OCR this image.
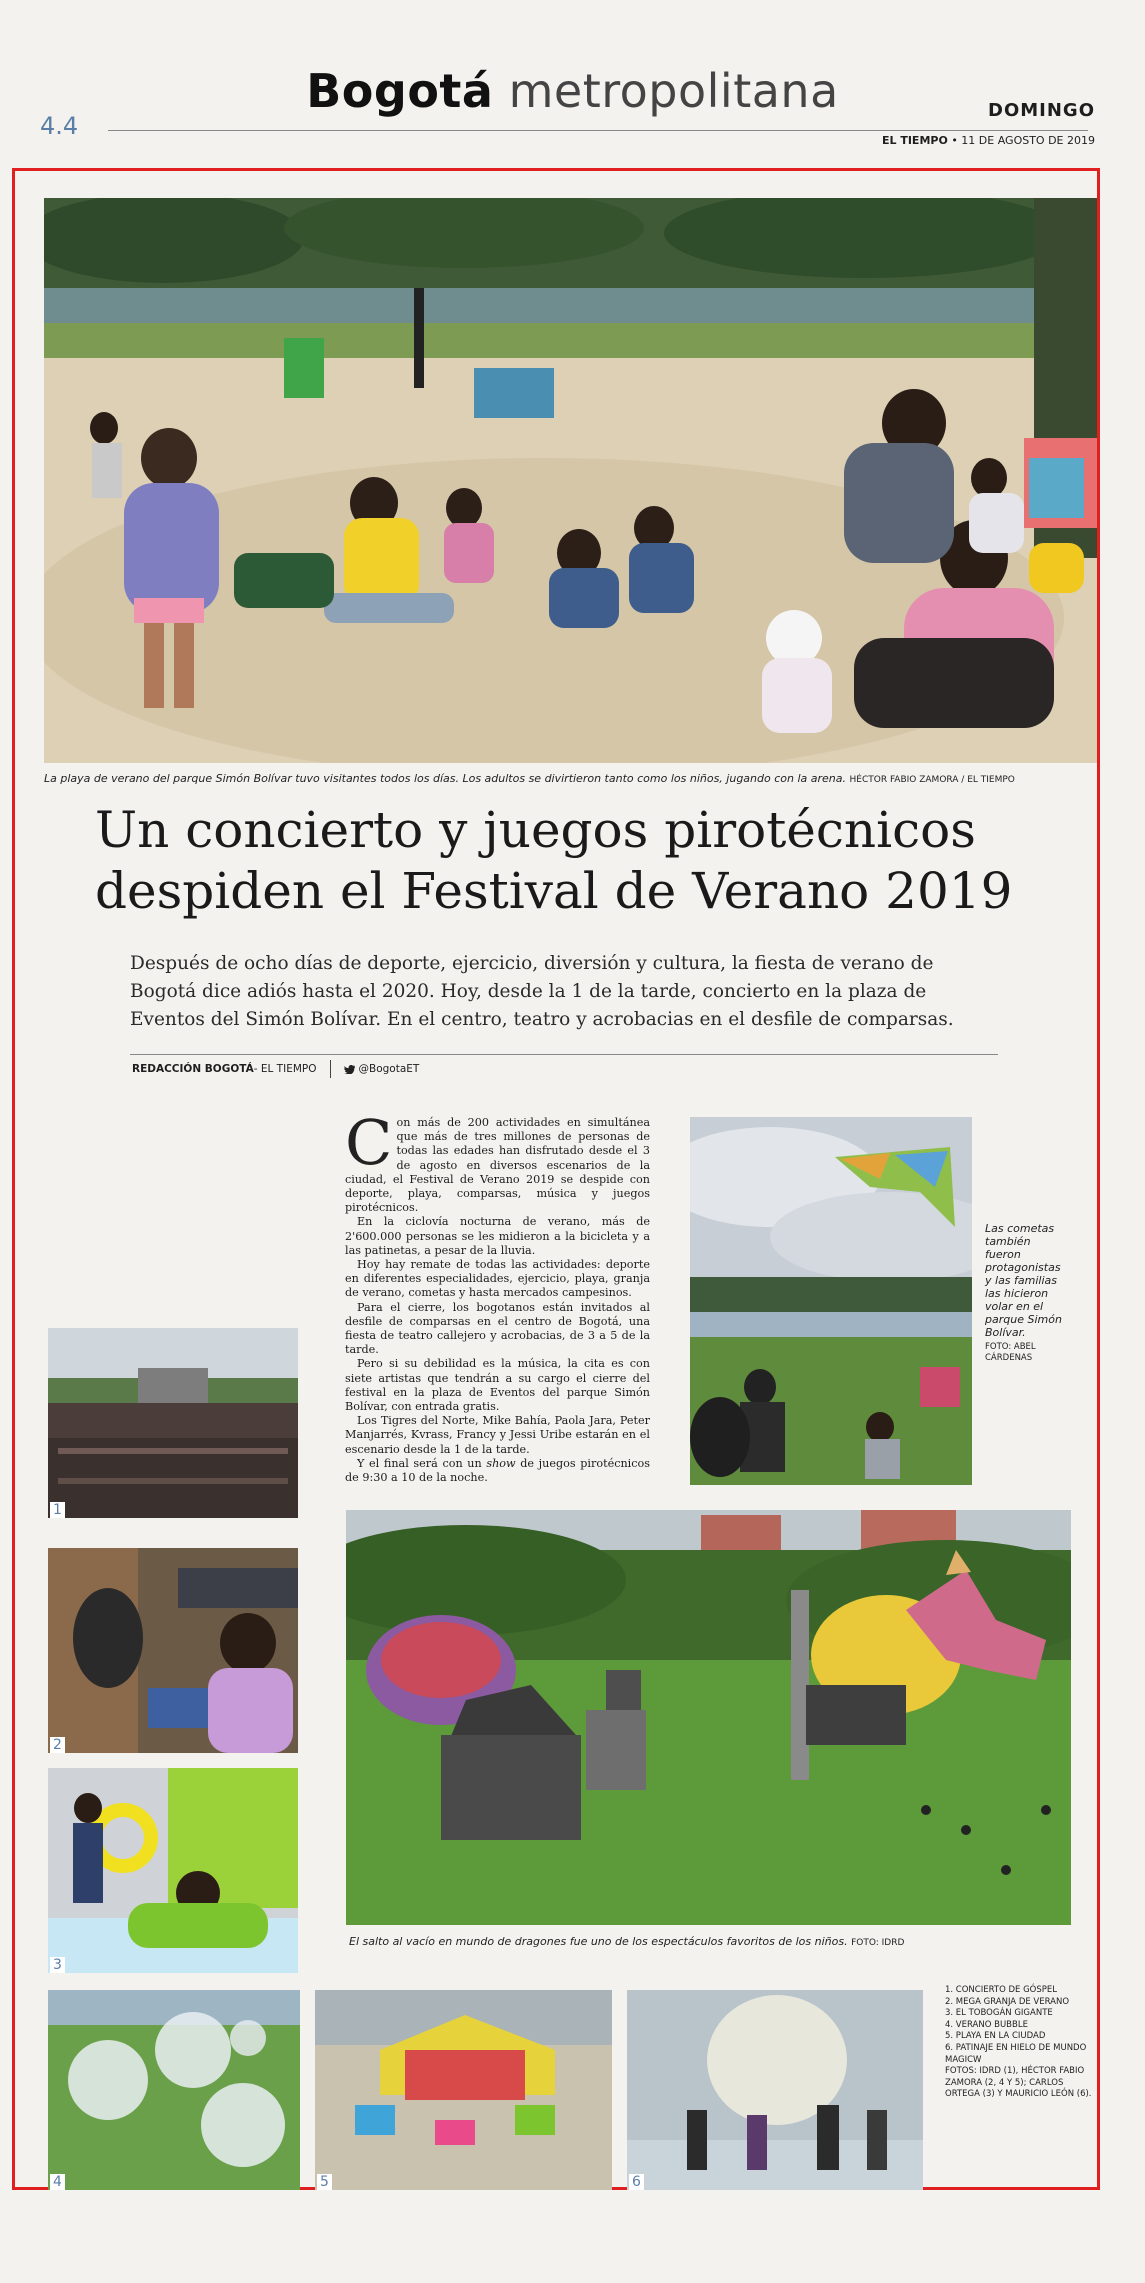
Bogotá metropolitana
4.4
DOMINGO
EL TIEMPO • 11 DE AGOSTO DE 2019
La playa de verano del parque Simón Bolívar tuvo visitantes todos los días. Los adultos se divirtieron tanto como los niños, jugando con la arena. HÉCTOR FABIO ZAMORA / EL TIEMPO
Un concierto y juegos pirotécnicos despiden el Festival de Verano 2019
Después de ocho días de deporte, ejercicio, diversión y cultura, la fiesta de verano de Bogotá dice adiós hasta el 2020. Hoy, desde la 1 de la tarde, concierto en la plaza de Eventos del Simón Bolívar. En el centro, teatro y acrobacias en el desfile de comparsas.
REDACCIÓN BOGOTÁ- EL TIEMPO	@BogotaET

Con más de 200 actividades en simultánea que más de tres millones de personas de todas las edades han disfrutado desde el 3 de agosto en diversos escenarios de la ciudad, el Festival de Verano 2019 se despide con deporte, playa, comparsas, música y juegos pirotécnicos.

En la ciclovía nocturna de verano, más de 2'600.000 personas se les midieron a la bicicleta y a las patinetas, a pesar de la lluvia.

Hoy hay remate de todas las actividades: deporte en diferentes especialidades, ejercicio, playa, granja de verano, cometas y hasta mercados campesinos.

Para el cierre, los bogotanos están invitados al desfile de comparsas en el centro de Bogotá, una fiesta de teatro callejero y acrobacias, de 3 a 5 de la tarde.

Pero si su debilidad es la música, la cita es con siete artistas que tendrán a su cargo el cierre del festival en la plaza de Eventos del parque Simón Bolívar, con entrada gratis.

Los Tigres del Norte, Mike Bahía, Paola Jara, Peter Manjarrés, Kvrass, Francy y Jessi Uribe estarán en el escenario desde la 1 de la tarde.

Y el final será con un show de juegos pirotécnicos de 9:30 a 10 de la noche.

Las cometas también fueron protagonistas y las familias las hicieron volar en el parque Simón Bolívar.
FOTO: ABEL CÁRDENAS
1
2
3
El salto al vacío en mundo de dragones fue uno de los espectáculos favoritos de los niños. FOTO: IDRD
4	5	6
1. CONCIERTO DE GÓSPEL
2. MEGA GRANJA DE VERANO
3. EL TOBOGÁN GIGANTE
4. VERANO BUBBLE
5. PLAYA EN LA CIUDAD
6. PATINAJE EN HIELO DE MUNDO MAGICW
FOTOS: IDRD (1), HÉCTOR FABIO ZAMORA (2, 4 Y 5); CARLOS ORTEGA (3) Y MAURICIO LEÓN (6).
